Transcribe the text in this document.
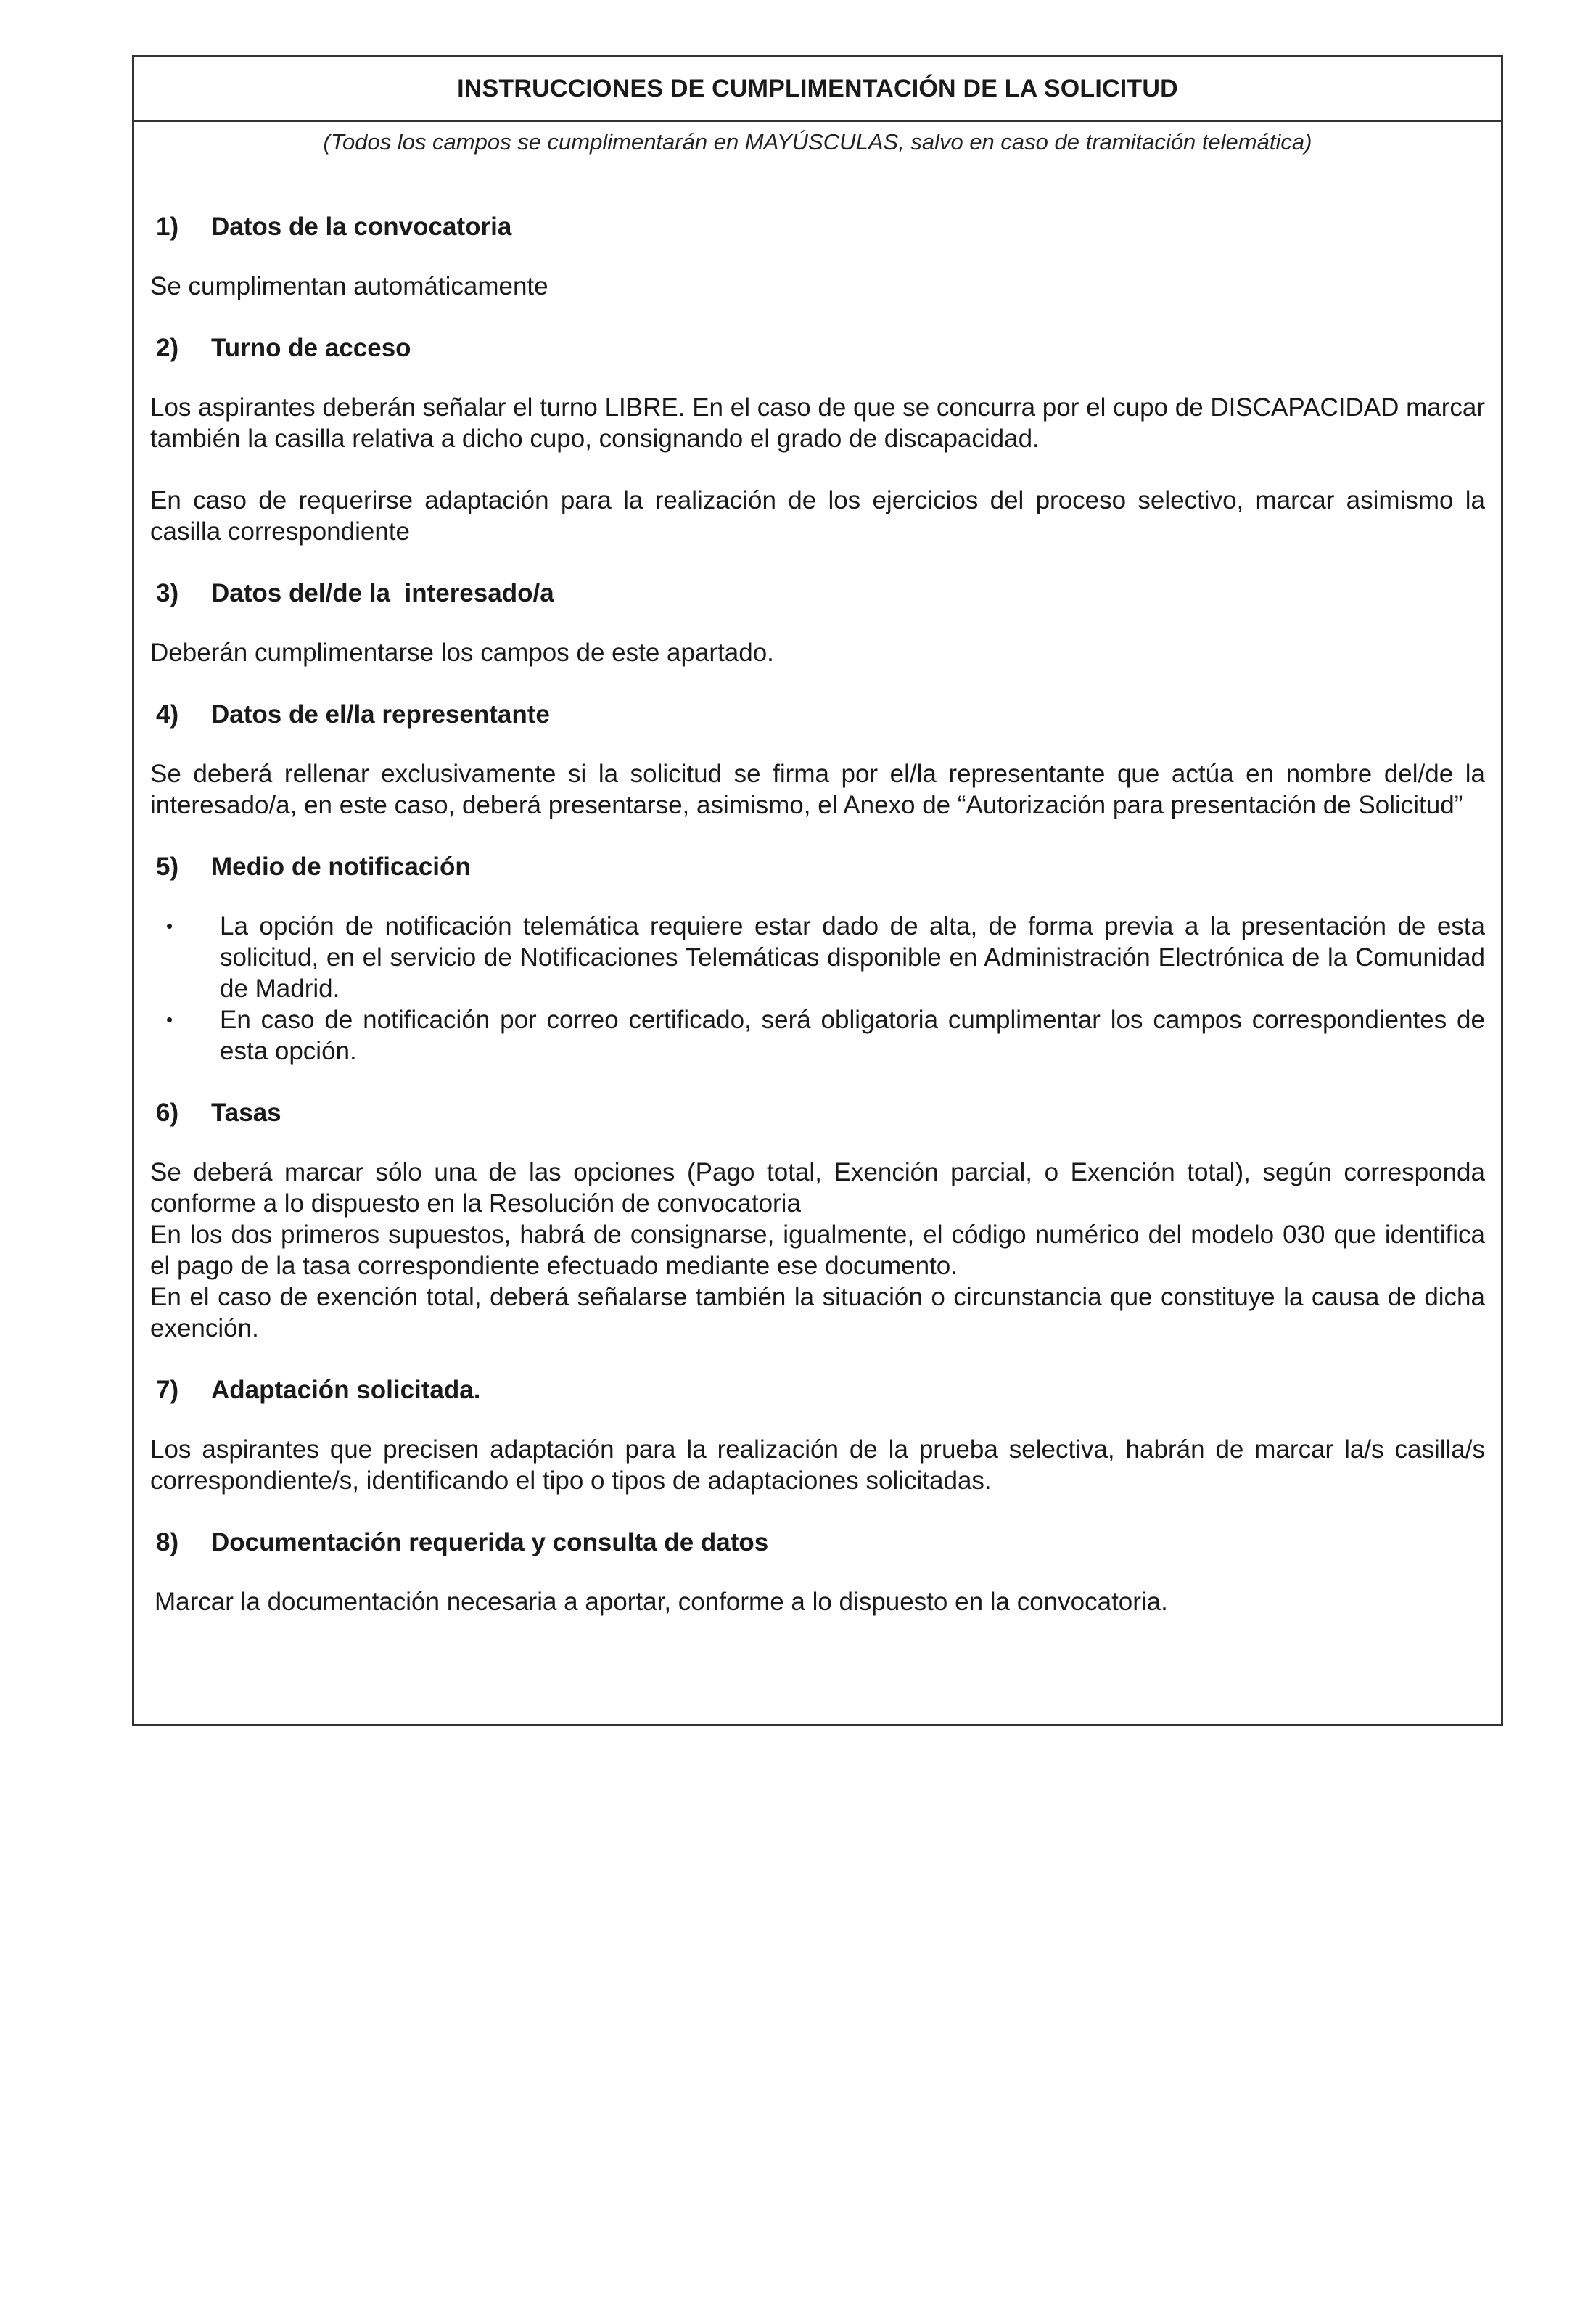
INSTRUCCIONES DE CUMPLIMENTACIÓN DE LA SOLICITUD
(Todos los campos se cumplimentarán en MAYÚSCULAS, salvo en caso de tramitación telemática)
1)	Datos de la convocatoria

Se cumplimentan automáticamente

2)	Turno de acceso

Los aspirantes deberán señalar el turno LIBRE. En el caso de que se concurra por el cupo de DISCAPACIDAD marcar también la casilla relativa a dicho cupo, consignando el grado de discapacidad.

En caso de requerirse adaptación para la realización de los ejercicios del proceso selectivo, marcar asimismo la casilla correspondiente

3)	Datos del/de la  interesado/a

Deberán cumplimentarse los campos de este apartado.

4)	Datos de el/la representante

Se deberá rellenar exclusivamente si la solicitud se firma por el/la representante que actúa en nombre del/de la interesado/a, en este caso, deberá presentarse, asimismo, el Anexo de “Autorización para presentación de Solicitud”

5)	Medio de notificación
•	La opción de notificación telemática requiere estar dado de alta, de forma previa a la presentación de esta solicitud, en el servicio de Notificaciones Telemáticas disponible en Administración Electrónica de la Comunidad de Madrid.
•	En caso de notificación por correo certificado, será obligatoria cumplimentar los campos correspondientes de esta opción.
6)	Tasas

Se deberá marcar sólo una de las opciones (Pago total, Exención parcial, o Exención total), según corresponda conforme a lo dispuesto en la Resolución de convocatoria

En los dos primeros supuestos, habrá de consignarse, igualmente, el código numérico del modelo 030 que identifica el pago de la tasa correspondiente efectuado mediante ese documento.

En el caso de exención total, deberá señalarse también la situación o circunstancia que constituye la causa de dicha exención.

7)	Adaptación solicitada.

Los aspirantes que precisen adaptación para la realización de la prueba selectiva, habrán de marcar la/s casilla/s correspondiente/s, identificando el tipo o tipos de adaptaciones solicitadas.

8)	Documentación requerida y consulta de datos

Marcar la documentación necesaria a aportar, conforme a lo dispuesto en la convocatoria.
